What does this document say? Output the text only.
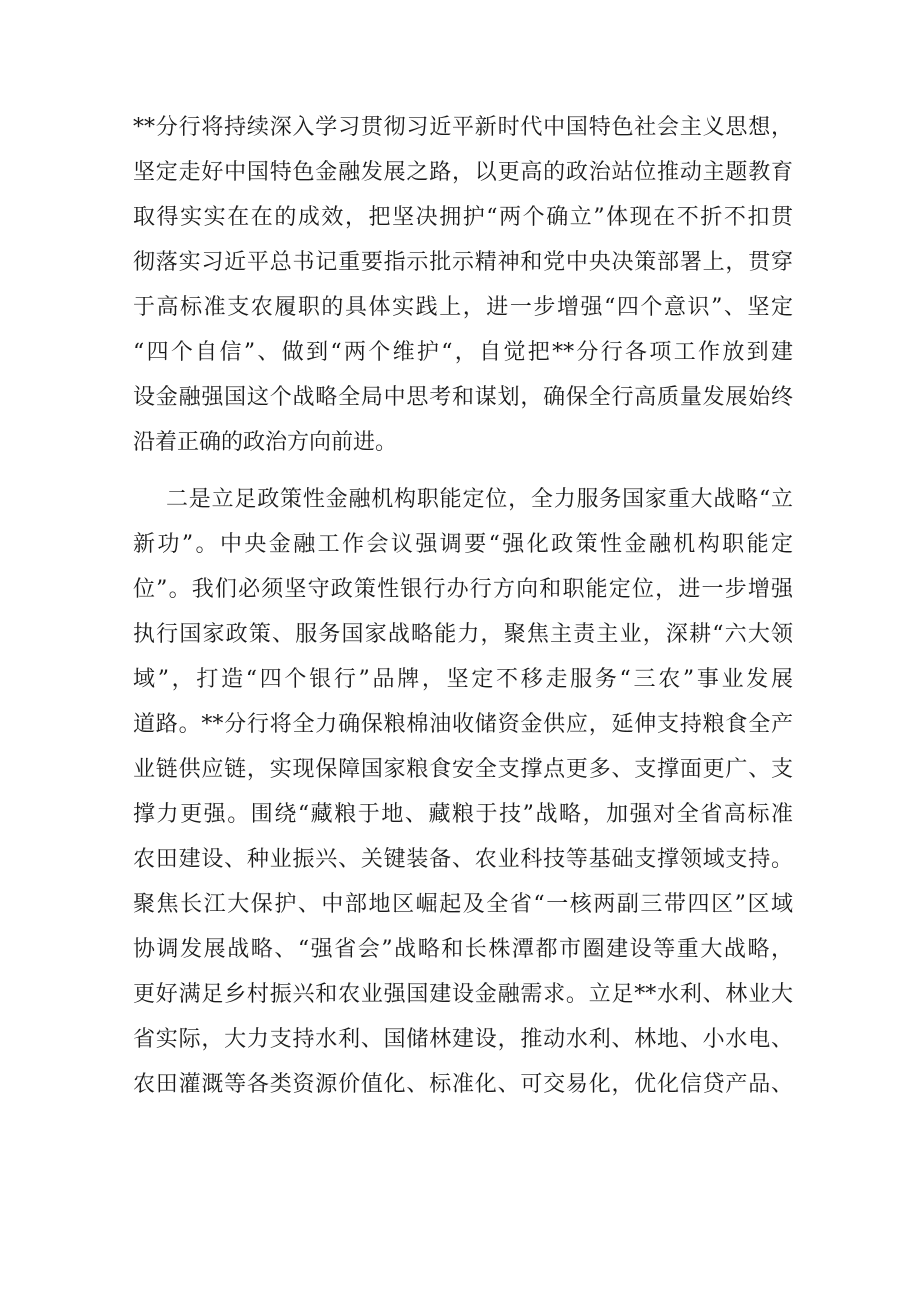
**分行将持续深入学习贯彻习近平新时代中国特色社会主义思想，

坚定走好中国特色金融发展之路，以更高的政治站位推动主题教育

取得实实在在的成效，把坚决拥护“两个确立”体现在不折不扣贯

彻落实习近平总书记重要指示批示精神和党中央决策部署上，贯穿

于高标准支农履职的具体实践上，进一步增强“四个意识”、坚定

“四个自信”、做到“两个维护“，自觉把**分行各项工作放到建

设金融强国这个战略全局中思考和谋划，确保全行高质量发展始终

沿着正确的政治方向前进。

二是立足政策性金融机构职能定位，全力服务国家重大战略“立

新功”。中央金融工作会议强调要“强化政策性金融机构职能定

位”。我们必须坚守政策性银行办行方向和职能定位，进一步增强

执行国家政策、服务国家战略能力，聚焦主责主业，深耕“六大领

域”，打造“四个银行”品牌，坚定不移走服务“三农”事业发展

道路。**分行将全力确保粮棉油收储资金供应，延伸支持粮食全产

业链供应链，实现保障国家粮食安全支撑点更多、支撑面更广、支

撑力更强。围绕“藏粮于地、藏粮于技”战略，加强对全省高标准

农田建设、种业振兴、关键装备、农业科技等基础支撑领域支持。

聚焦长江大保护、中部地区崛起及全省“一核两副三带四区”区域

协调发展战略、“强省会”战略和长株潭都市圈建设等重大战略，

更好满足乡村振兴和农业强国建设金融需求。立足**水利、林业大

省实际，大力支持水利、国储林建设，推动水利、林地、小水电、

农田灌溉等各类资源价值化、标准化、可交易化，优化信贷产品、
